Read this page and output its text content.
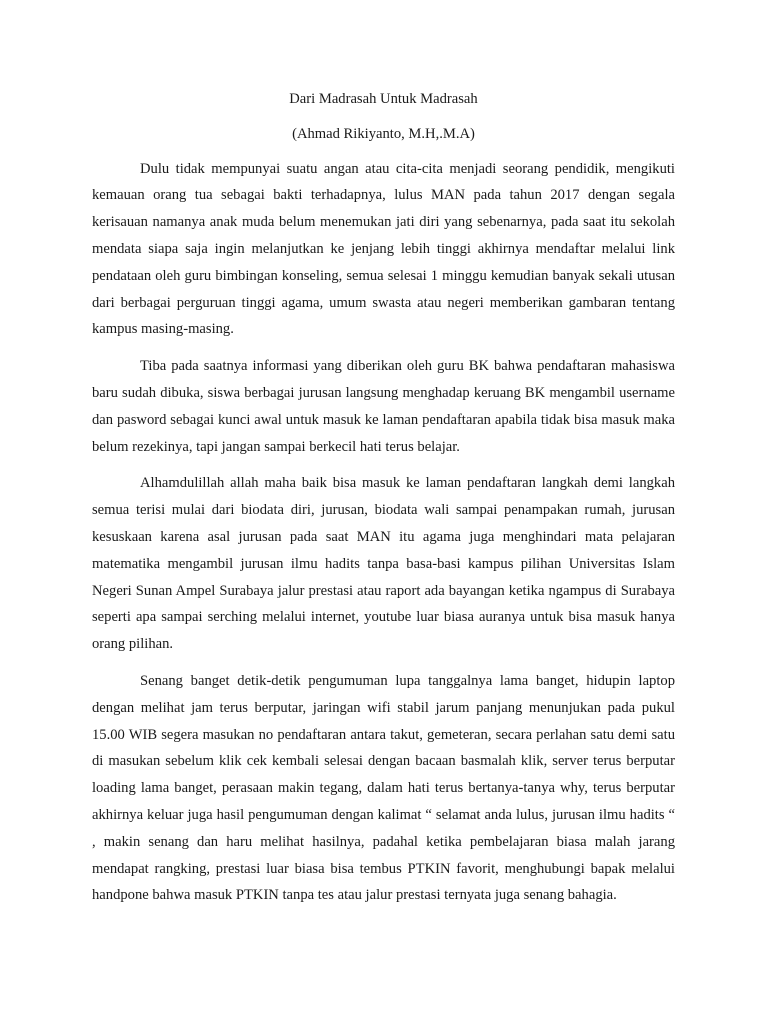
Dari Madrasah Untuk Madrasah

(Ahmad Rikiyanto, M.H,.M.A)

Dulu tidak mempunyai suatu angan atau cita-cita menjadi seorang pendidik, mengikuti kemauan orang tua sebagai bakti terhadapnya, lulus MAN pada tahun 2017 dengan segala kerisauan namanya anak muda belum menemukan jati diri yang sebenarnya, pada saat itu sekolah mendata siapa saja ingin melanjutkan ke jenjang lebih tinggi akhirnya mendaftar melalui link pendataan oleh guru bimbingan konseling, semua selesai 1 minggu kemudian banyak sekali utusan dari berbagai perguruan tinggi agama, umum swasta atau negeri memberikan gambaran tentang kampus masing-masing.

Tiba pada saatnya informasi yang diberikan oleh guru BK bahwa pendaftaran mahasiswa baru sudah dibuka, siswa berbagai jurusan langsung menghadap keruang BK mengambil username dan pasword sebagai kunci awal untuk masuk ke laman pendaftaran apabila tidak bisa masuk maka belum rezekinya, tapi jangan sampai berkecil hati terus belajar.

Alhamdulillah allah maha baik bisa masuk ke laman pendaftaran langkah demi langkah semua terisi mulai dari biodata diri, jurusan, biodata wali sampai penampakan rumah, jurusan kesuskaan karena asal jurusan pada saat MAN itu agama juga menghindari mata pelajaran matematika mengambil jurusan ilmu hadits tanpa basa-basi kampus pilihan Universitas Islam Negeri Sunan Ampel Surabaya jalur prestasi atau raport ada bayangan ketika ngampus di Surabaya seperti apa sampai serching melalui internet, youtube luar biasa auranya untuk bisa masuk hanya orang pilihan.

Senang banget detik-detik pengumuman lupa tanggalnya lama banget, hidupin laptop dengan melihat jam terus berputar, jaringan wifi stabil jarum panjang menunjukan pada pukul 15.00 WIB segera masukan no pendaftaran antara takut, gemeteran, secara perlahan satu demi satu di masukan sebelum klik cek kembali selesai dengan bacaan basmalah klik, server terus berputar loading lama banget, perasaan makin tegang, dalam hati terus bertanya-tanya why, terus berputar akhirnya keluar juga hasil pengumuman dengan kalimat “ selamat anda lulus, jurusan ilmu hadits “ , makin senang dan haru melihat hasilnya, padahal ketika pembelajaran biasa malah jarang mendapat rangking, prestasi luar biasa bisa tembus PTKIN favorit, menghubungi bapak melalui handpone bahwa masuk PTKIN tanpa tes atau jalur prestasi ternyata juga senang bahagia.
